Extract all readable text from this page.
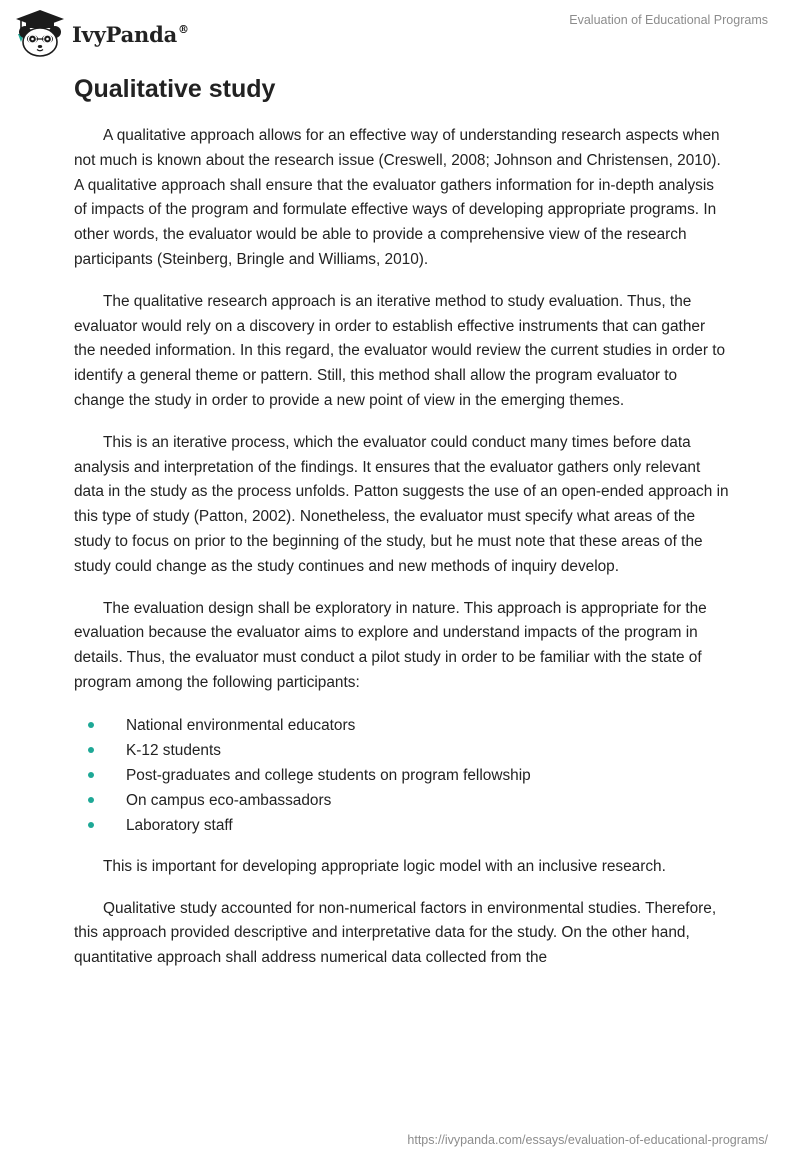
IvyPanda®
Evaluation of Educational Programs
Qualitative study

A qualitative approach allows for an effective way of understanding research aspects when not much is known about the research issue (Creswell, 2008; Johnson and Christensen, 2010). A qualitative approach shall ensure that the evaluator gathers information for in-depth analysis of impacts of the program and formulate effective ways of developing appropriate programs. In other words, the evaluator would be able to provide a comprehensive view of the research participants (Steinberg, Bringle and Williams, 2010).

The qualitative research approach is an iterative method to study evaluation. Thus, the evaluator would rely on a discovery in order to establish effective instruments that can gather the needed information. In this regard, the evaluator would review the current studies in order to identify a general theme or pattern. Still, this method shall allow the program evaluator to change the study in order to provide a new point of view in the emerging themes.

This is an iterative process, which the evaluator could conduct many times before data analysis and interpretation of the findings. It ensures that the evaluator gathers only relevant data in the study as the process unfolds. Patton suggests the use of an open-ended approach in this type of study (Patton, 2002). Nonetheless, the evaluator must specify what areas of the study to focus on prior to the beginning of the study, but he must note that these areas of the study could change as the study continues and new methods of inquiry develop.

The evaluation design shall be exploratory in nature. This approach is appropriate for the evaluation because the evaluator aims to explore and understand impacts of the program in details. Thus, the evaluator must conduct a pilot study in order to be familiar with the state of program among the following participants:

National environmental educators
K-12 students
Post-graduates and college students on program fellowship
On campus eco-ambassadors
Laboratory staff

This is important for developing appropriate logic model with an inclusive research.

Qualitative study accounted for non-numerical factors in environmental studies. Therefore, this approach provided descriptive and interpretative data for the study. On the other hand, quantitative approach shall address numerical data collected from the

https://ivypanda.com/essays/evaluation-of-educational-programs/
